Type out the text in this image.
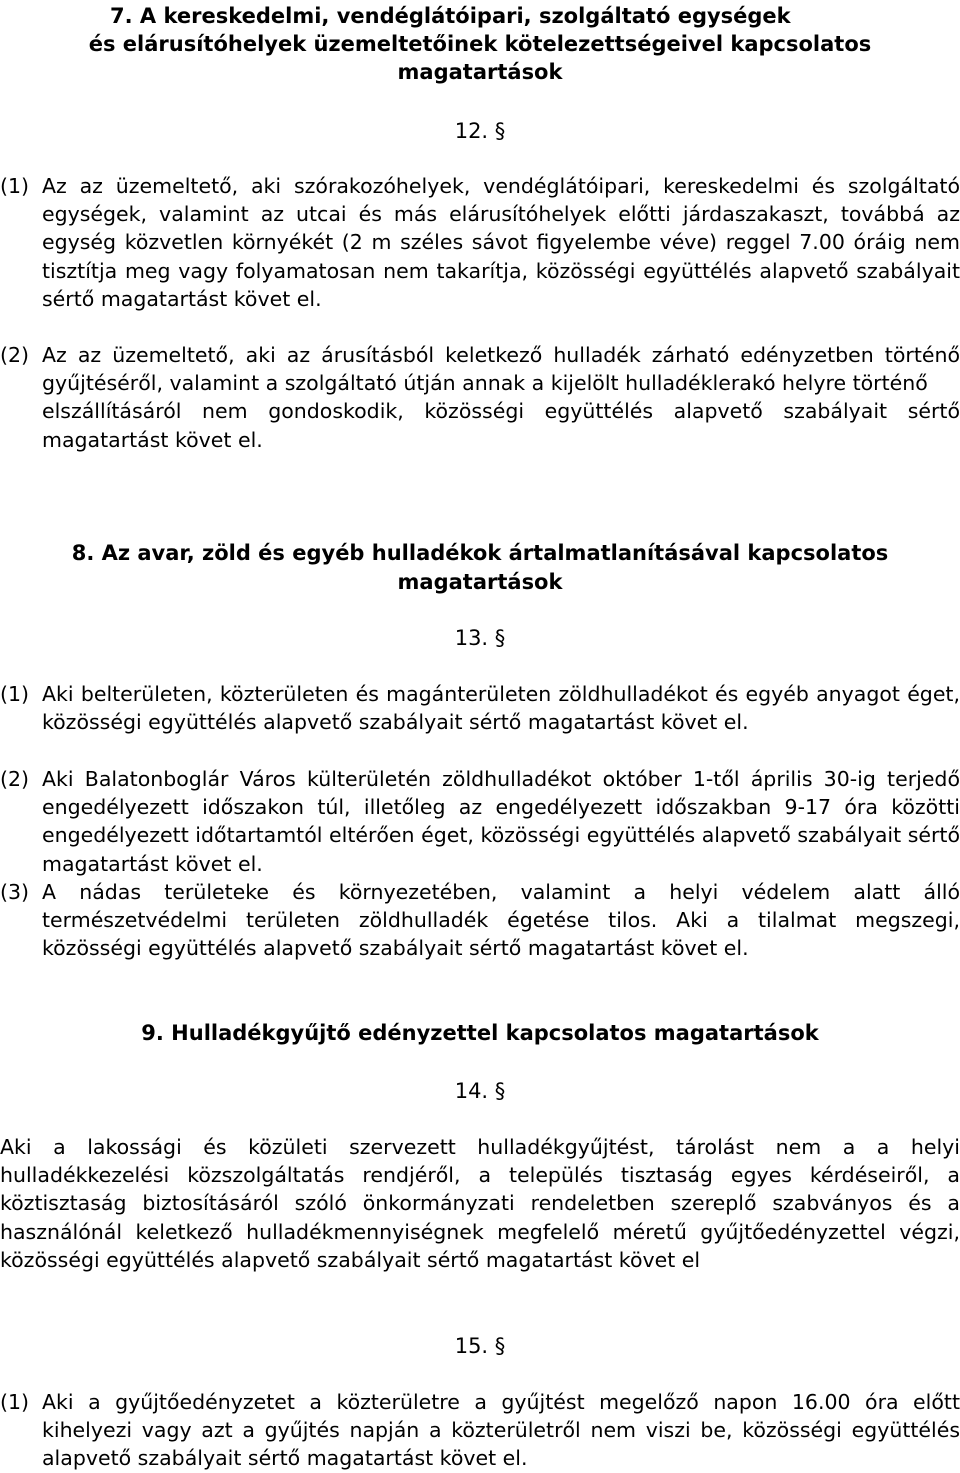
7. A kereskedelmi, vendéglátóipari, szolgáltató egységek
és elárusítóhelyek üzemeltetőinek kötelezettségeivel kapcsolatos
magatartások
12. §
(1) Az az üzemeltető, aki szórakozóhelyek, vendéglátóipari, kereskedelmi és szolgáltató egységek, valamint az utcai és más elárusítóhelyek előtti járdaszakaszt, továbbá az egység közvetlen környékét (2 m széles sávot figyelembe véve) reggel 7.00 óráig nem tisztítja meg vagy folyamatosan nem takarítja, közösségi együttélés alapvető szabályait sértő magatartást követ el.
(2) Az az üzemeltető, aki az árusításból keletkező hulladék zárható edényzetben történő gyűjtéséről, valamint a szolgáltató útján annak a kijelölt hulladéklerakó helyre történő
elszállításáról nem gondoskodik, közösségi együttélés alapvető szabályait sértő magatartást követ el.
8. Az avar, zöld és egyéb hulladékok ártalmatlanításával kapcsolatos
magatartások
13. §
(1) Aki belterületen, közterületen és magánterületen zöldhulladékot és egyéb anyagot éget, közösségi együttélés alapvető szabályait sértő magatartást követ el.
(2) Aki Balatonboglár Város külterületén zöldhulladékot október 1-től április 30-ig terjedő engedélyezett időszakon túl, illetőleg az engedélyezett időszakban 9-17 óra közötti engedélyezett időtartamtól eltérően éget, közösségi együttélés alapvető szabályait sértő magatartást követ el.
(3) A nádas területeke és környezetében, valamint a helyi védelem alatt álló természetvédelmi területen zöldhulladék égetése tilos. Aki a tilalmat megszegi, közösségi együttélés alapvető szabályait sértő magatartást követ el.
9. Hulladékgyűjtő edényzettel kapcsolatos magatartások
14. §

Aki a lakossági és közületi szervezett hulladékgyűjtést, tárolást nem a a helyi hulladékkezelési közszolgáltatás rendjéről, a település tisztaság egyes kérdéseiről, a köztisztaság biztosításáról szóló önkormányzati rendeletben szereplő szabványos és a használónál keletkező hulladékmennyiségnek megfelelő méretű gyűjtőedényzettel végzi, közösségi együttélés alapvető szabályait sértő magatartást követ el

15. §
(1) Aki a gyűjtőedényzetet a közterületre a gyűjtést megelőző napon 16.00 óra előtt kihelyezi vagy azt a gyűjtés napján a közterületről nem viszi be, közösségi együttélés alapvető szabályait sértő magatartást követ el.
